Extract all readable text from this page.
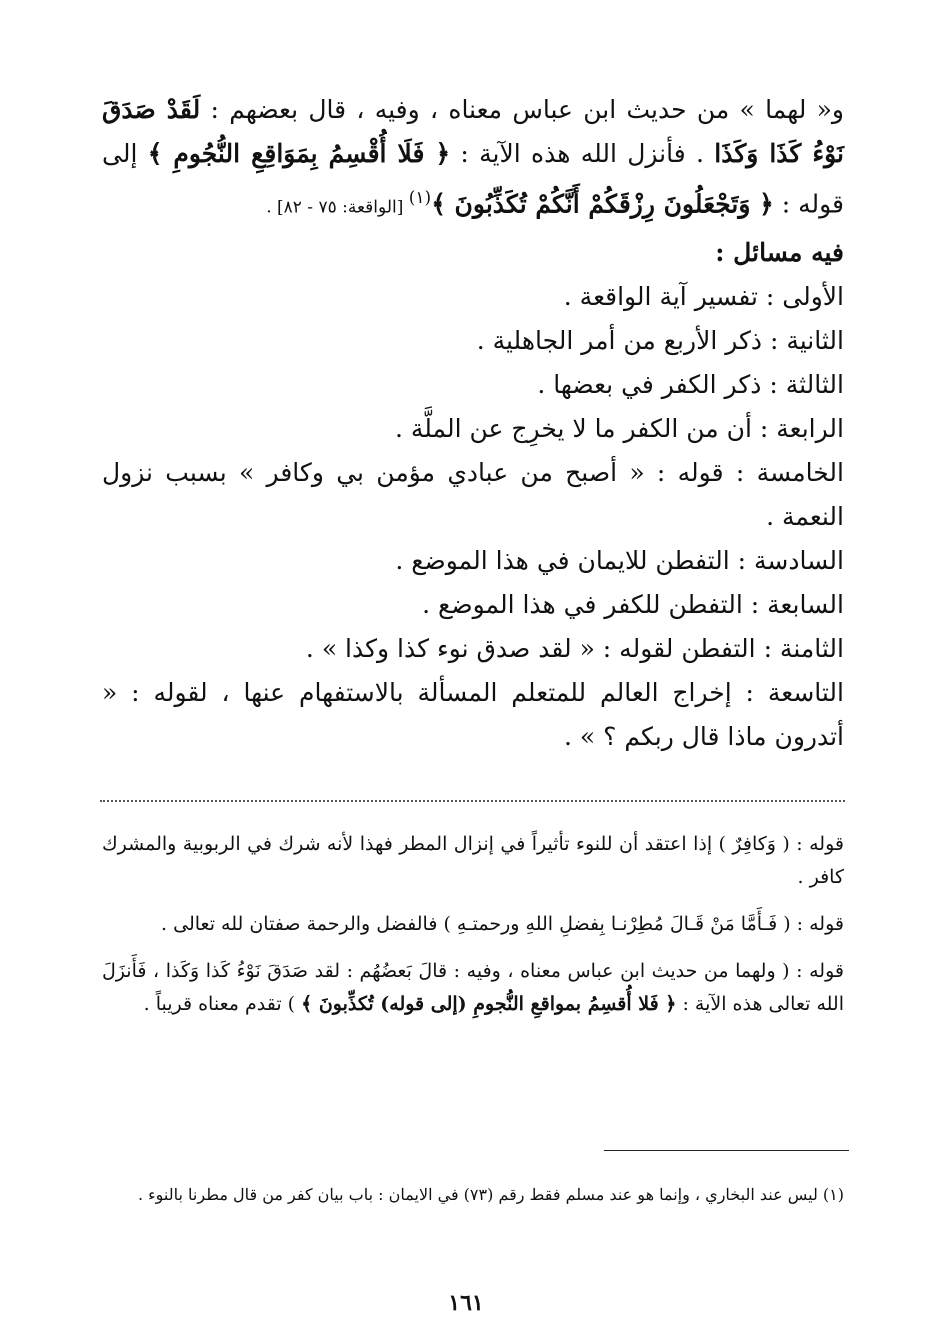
و« لهما » من حديث ابن عباس معناه ، وفيه ، قال بعضهم : لَقَدْ صَدَقَ نَوْءُ كَذَا وَكَذَا . فأنزل الله هذه الآية : ﴿ فَلَا أُقْسِمُ بِمَوَاقِعِ النُّجُومِ ﴾ إلى قوله : ﴿ وَتَجْعَلُونَ رِزْقَكُمْ أَنَّكُمْ تُكَذِّبُونَ ﴾$^{(١)}$ [الواقعة: ٧٥ - ٨٢] .

فيه مسائل :

الأولى : تفسير آية الواقعة .
الثانية : ذكر الأربع من أمر الجاهلية .
الثالثة : ذكر الكفر في بعضها .
الرابعة : أن من الكفر ما لا يخرِج عن الملَّة .
الخامسة : قوله : « أصبح من عبادي مؤمن بي وكافر » بسبب نزول النعمة .
السادسة : التفطن للايمان في هذا الموضع .
السابعة : التفطن للكفر في هذا الموضع .
الثامنة : التفطن لقوله : « لقد صدق نوء كذا وكذا » .
التاسعة : إخراج العالم للمتعلم المسألة بالاستفهام عنها ، لقوله : « أتدرون ماذا قال ربكم ؟ » .

قوله : ( وَكافِرٌ ) إذا اعتقد أن للنوء تأثيراً في إنزال المطر فهذا لأنه شرك في الربوبية والمشرك كافر .

قوله : ( فَـأَمَّا مَنْ قَـالَ مُطِرْنـا بِفضلِ اللهِ ورحمتـهِ ) فالفضل والرحمة صفتان لله تعالى .

قوله : ( ولهما من حديث ابن عباس معناه ، وفيه : قالَ بَعضُهُم : لقد صَدَقَ نَوْءُ كَذا وَكَذا ، فَأَنزَلَ الله تعالى هذه الآية : ﴿ فَلا أُقسِمُ بمواقعِ النُّجومِ (إلى قوله) تُكذِّبونَ ﴾ ) تقدم معناه قريباً .

(١) ليس عند البخاري ، وإنما هو عند مسلم فقط رقم (٧٣) في الايمان : باب بيان كفر من قال مطرنا بالنوء .
١٦١
